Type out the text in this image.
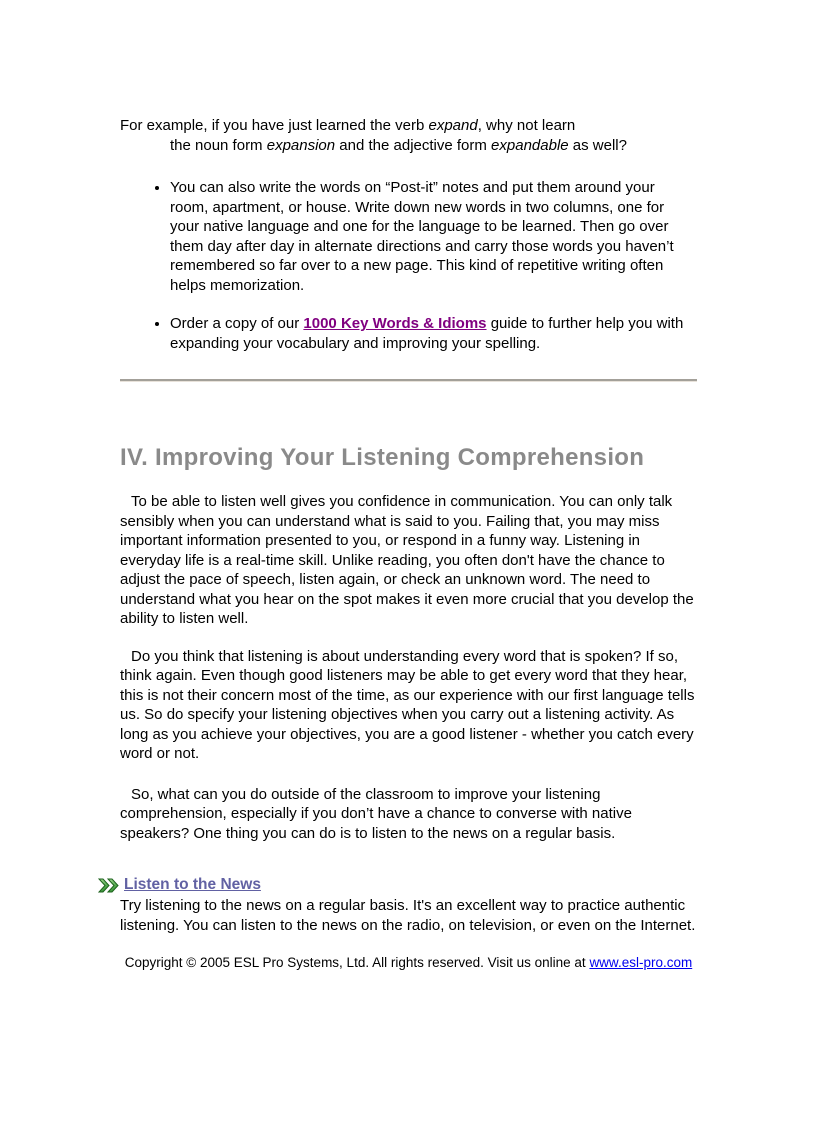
For example, if you have just learned the verb expand, why not learn
the noun form expansion and the adjective form expandable as well?
• You can also write the words on “Post-it” notes and put them around your room, apartment, or house. Write down new words in two columns, one for your native language and one for the language to be learned. Then go over them day after day in alternate directions and carry those words you haven’t remembered so far over to a new page. This kind of repetitive writing often helps memorization.
• Order a copy of our 1000 Key Words & Idioms guide to further help you with expanding your vocabulary and improving your spelling.
IV. Improving Your Listening Comprehension

To be able to listen well gives you confidence in communication. You can only talk sensibly when you can understand what is said to you. Failing that, you may miss important information presented to you, or respond in a funny way. Listening in everyday life is a real-time skill. Unlike reading, you often don't have the chance to adjust the pace of speech, listen again, or check an unknown word. The need to understand what you hear on the spot makes it even more crucial that you develop the ability to listen well.

Do you think that listening is about understanding every word that is spoken? If so, think again. Even though good listeners may be able to get every word that they hear, this is not their concern most of the time, as our experience with our first language tells us. So do specify your listening objectives when you carry out a listening activity. As long as you achieve your objectives, you are a good listener - whether you catch every word or not.

So, what can you do outside of the classroom to improve your listening comprehension, especially if you don’t have a chance to converse with native speakers? One thing you can do is to listen to the news on a regular basis.

Listen to the News

Try listening to the news on a regular basis. It's an excellent way to practice authentic listening. You can listen to the news on the radio, on television, or even on the Internet.

Copyright © 2005 ESL Pro Systems, Ltd. All rights reserved. Visit us online at www.esl-pro.com
